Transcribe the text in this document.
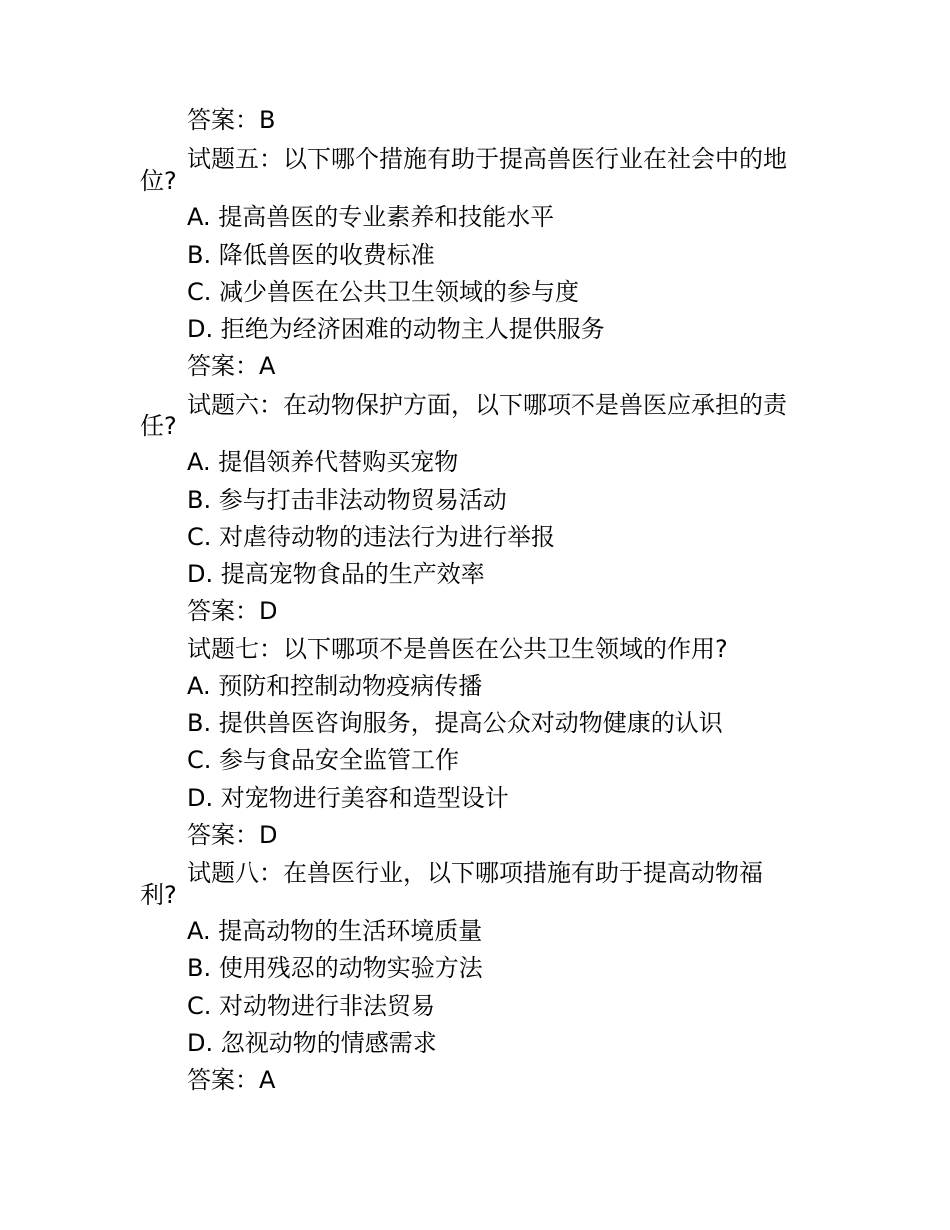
答案：B
试题五：以下哪个措施有助于提高兽医行业在社会中的地
位?
A. 提高兽医的专业素养和技能水平
B. 降低兽医的收费标准
C. 减少兽医在公共卫生领域的参与度
D. 拒绝为经济困难的动物主人提供服务
答案：A
试题六：在动物保护方面，以下哪项不是兽医应承担的责
任?
A. 提倡领养代替购买宠物
B. 参与打击非法动物贸易活动
C. 对虐待动物的违法行为进行举报
D. 提高宠物食品的生产效率
答案：D
试题七：以下哪项不是兽医在公共卫生领域的作用?
A. 预防和控制动物疫病传播
B. 提供兽医咨询服务，提高公众对动物健康的认识
C. 参与食品安全监管工作
D. 对宠物进行美容和造型设计
答案：D
试题八：在兽医行业，以下哪项措施有助于提高动物福
利?
A. 提高动物的生活环境质量
B. 使用残忍的动物实验方法
C. 对动物进行非法贸易
D. 忽视动物的情感需求
答案：A
